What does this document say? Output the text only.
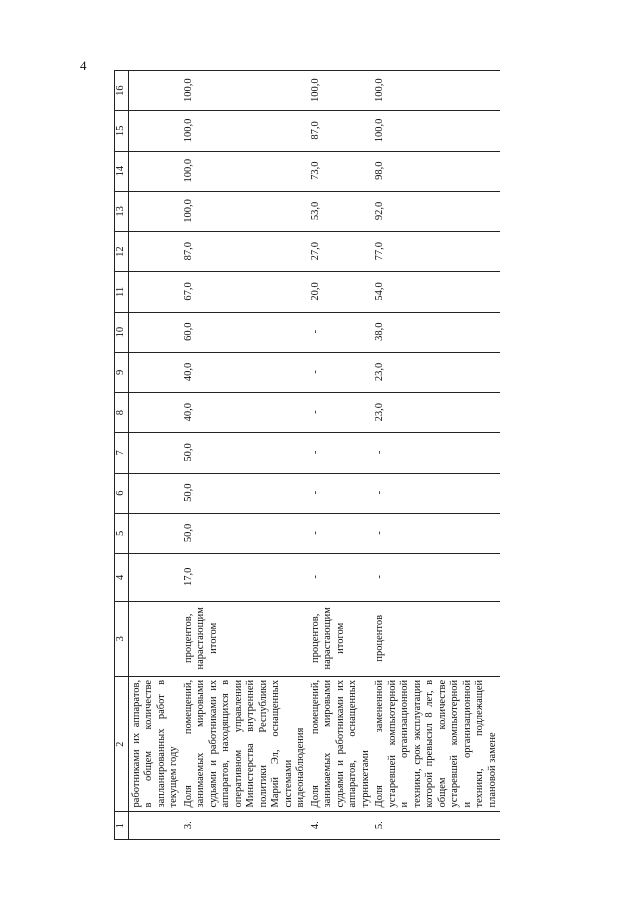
4
1	2	3	4	5	6	7	8	9	10	11	12	13	14	15	16
	работниками их аппаратов, в общем количестве запланированных работ в текущем году														
3.	Доля помещений, занимаемых мировыми судьями и работниками их аппаратов, находящихся в оперативном управлении Министерства внутренней политики Республики Марий Эл, оснащенных системами видеонаблюдения	процентов, нарастающим итогом	17,0	50,0	50,0	50,0	40,0	40,0	60,0	67,0	87,0	100,0	100,0	100,0	100,0
4.	Доля помещений, занимаемых мировыми судьями и работниками их аппаратов, оснащенных турникетами	процентов, нарастающим итогом	-	-	-	-	-	-	-	20,0	27,0	53,0	73,0	87,0	100,0
5.	Доля замененной устаревшей компьютерной и организационной техники, срок эксплуатации которой превысил 8 лет, в общем количестве устаревшей компьютерной и организационной техники, подлежащей плановой замене	процентов	-	-	-	-	23,0	23,0	38,0	54,0	77,0	92,0	98,0	100,0	100,0
